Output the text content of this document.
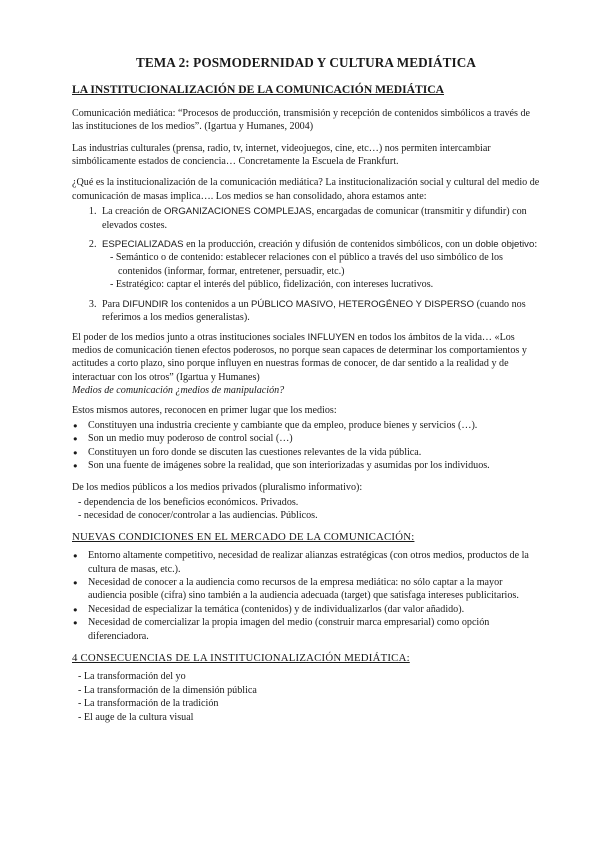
TEMA 2: POSMODERNIDAD Y CULTURA MEDIÁTICA
LA INSTITUCIONALIZACIÓN DE LA COMUNICACIÓN MEDIÁTICA

Comunicación mediática: “Procesos de producción, transmisión y recepción de contenidos simbólicos a través de las instituciones de los medios”. (Igartua y Humanes, 2004)

Las industrias culturales (prensa, radio, tv, internet, videojuegos, cine, etc…) nos permiten intercambiar simbólicamente estados de conciencia… Concretamente la Escuela de Frankfurt.

¿Qué es la institucionalización de la comunicación mediática? La institucionalización social y cultural del medio de comunicación de masas implica…. Los medios se han consolidado, ahora estamos ante:

1. La creación de ORGANIZACIONES COMPLEJAS, encargadas de comunicar (transmitir y difundir) con elevados costes.
2. ESPECIALIZADAS en la producción, creación y difusión de contenidos simbólicos, con un doble objetivo:
- Semántico o de contenido: establecer relaciones con el público a través del uso simbólico de los contenidos (informar, formar, entretener, persuadir, etc.)
- Estratégico: captar el interés del público, fidelización, con intereses lucrativos.
3. Para DIFUNDIR los contenidos a un PÚBLICO MASIVO, HETEROGÉNEO Y DISPERSO (cuando nos referimos a los medios generalistas).

El poder de los medios junto a otras instituciones sociales INFLUYEN en todos los ámbitos de la vida… «Los medios de comunicación tienen efectos poderosos, no porque sean capaces de determinar los comportamientos y actitudes a corto plazo, sino porque influyen en nuestras formas de conocer, de dar sentido a la realidad y de interactuar con los otros” (Igartua y Humanes)
Medios de comunicación ¿medios de manipulación?

Estos mismos autores, reconocen en primer lugar que los medios:

● Constituyen una industria creciente y cambiante que da empleo, produce bienes y servicios (…).
● Son un medio muy poderoso de control social (…)
● Constituyen un foro donde se discuten las cuestiones relevantes de la vida pública.
● Son una fuente de imágenes sobre la realidad, que son interiorizadas y asumidas por los individuos.

De los medios públicos a los medios privados (pluralismo informativo):

- dependencia de los beneficios económicos. Privados.
- necesidad de conocer/controlar a las audiencias. Públicos.
NUEVAS CONDICIONES EN EL MERCADO DE LA COMUNICACIÓN:
● Entorno altamente competitivo, necesidad de realizar alianzas estratégicas (con otros medios, productos de la cultura de masas, etc.).
● Necesidad de conocer a la audiencia como recursos de la empresa mediática: no sólo captar a la mayor audiencia posible (cifra) sino también a la audiencia adecuada (target) que satisfaga intereses publicitarios.
● Necesidad de especializar la temática (contenidos) y de individualizarlos (dar valor añadido).
● Necesidad de comercializar la propia imagen del medio (construir marca empresarial) como opción diferenciadora.
4 CONSECUENCIAS DE LA INSTITUCIONALIZACIÓN MEDIÁTICA:
- La transformación del yo
- La transformación de la dimensión pública
- La transformación de la tradición
- El auge de la cultura visual
